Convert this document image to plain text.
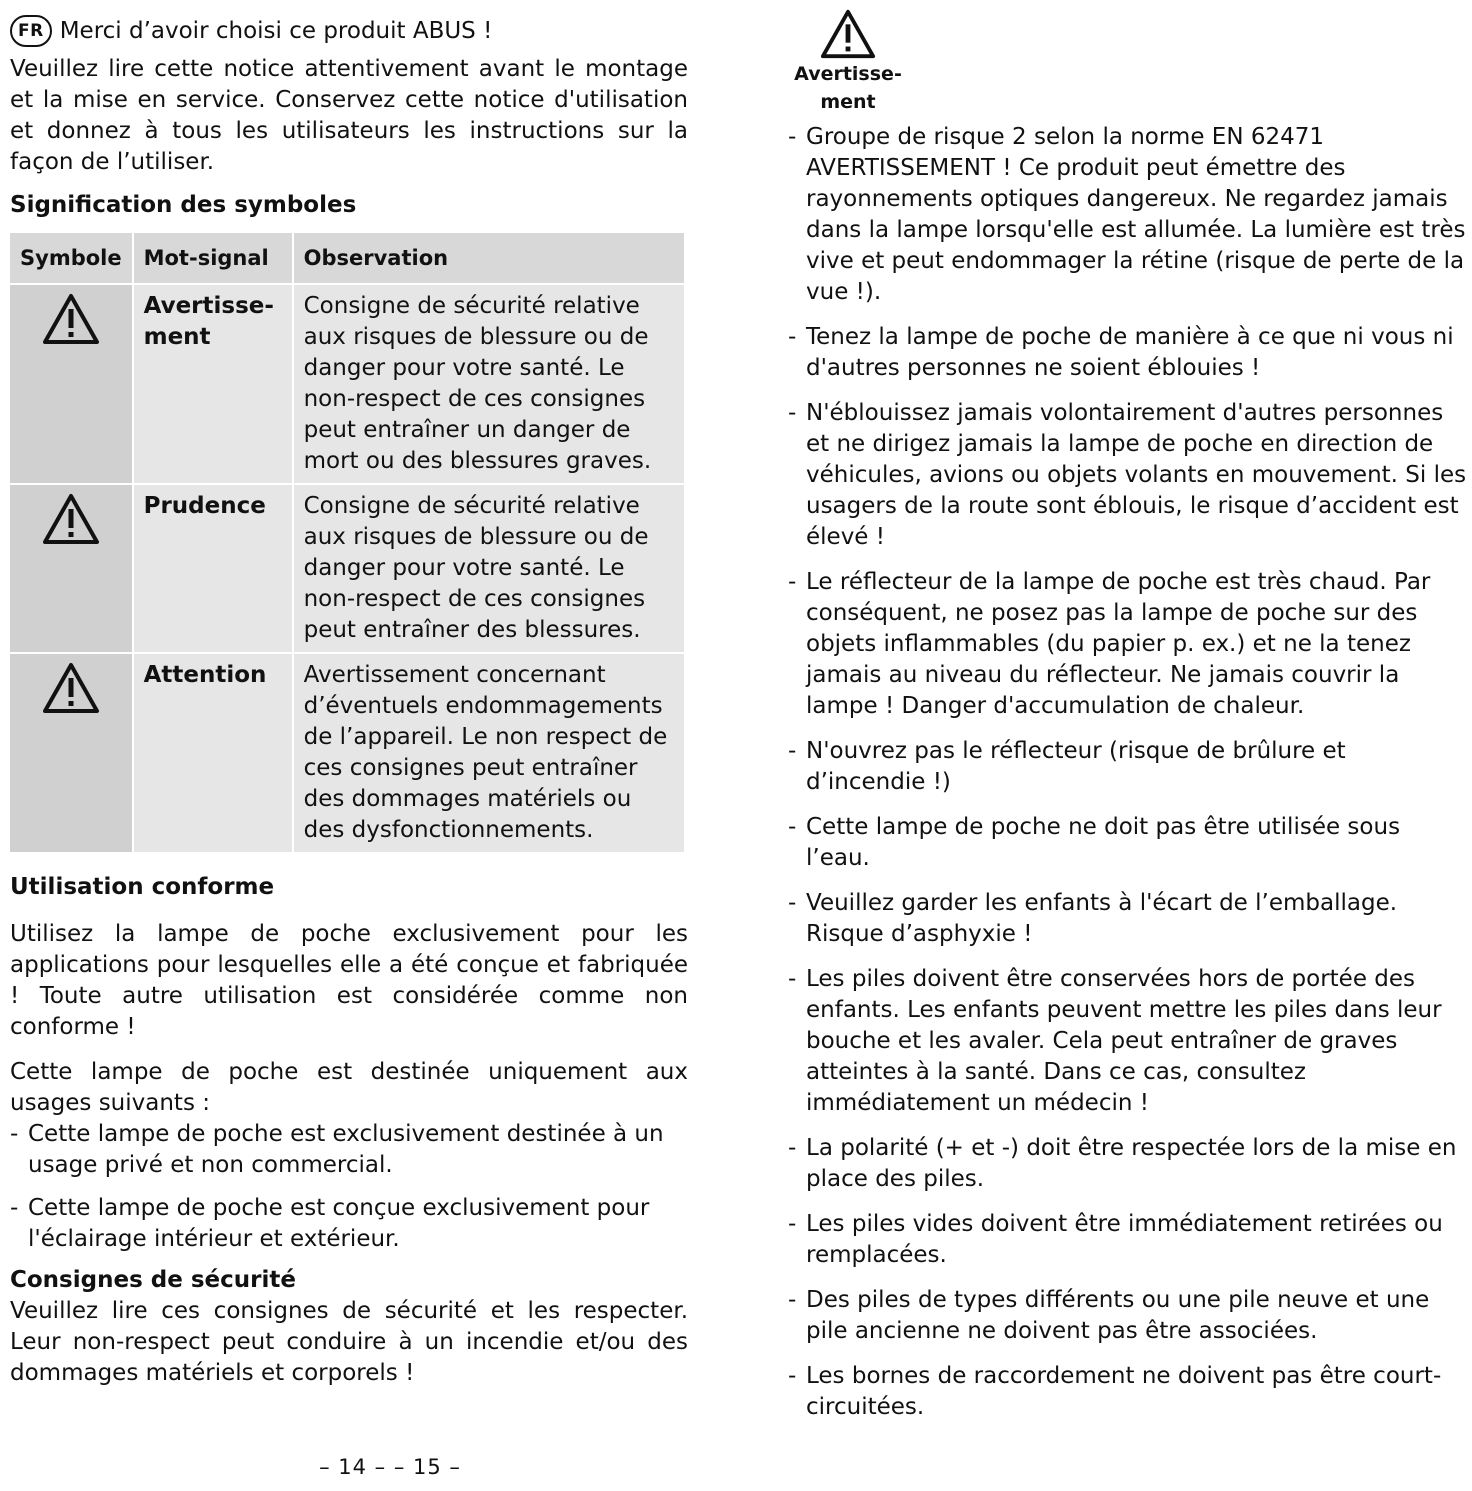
FR Merci d’avoir choisi ce produit ABUS !

Veuillez lire cette notice attentivement avant le montage et la mise en service. Conservez cette notice d'utilisation et donnez à tous les utilisateurs les instructions sur la façon de l’utiliser.

Signification des symboles
Symbole	Mot-signal	Observation

	Avertisse-
ment	Consigne de sécurité relative aux risques de blessure ou de danger pour votre santé. Le non-respect de ces consignes peut entraîner un danger de mort ou des blessures graves.

	Prudence	Consigne de sécurité relative aux risques de blessure ou de danger pour votre santé. Le non-respect de ces consignes peut entraîner des blessures.

	Attention	Avertissement concernant d’éventuels endommagements de l’appareil. Le non respect de ces consignes peut entraîner des dommages matériels ou des dysfonctionnements.
Utilisation conforme

Utilisez la lampe de poche exclusivement pour les applications pour lesquelles elle a été conçue et fabriquée ! Toute autre utilisation est considérée comme non conforme !

Cette lampe de poche est destinée uniquement aux usages suivants :

- Cette lampe de poche est exclusivement destinée à un usage privé et non commercial.
- Cette lampe de poche est conçue exclusivement pour l'éclairage intérieur et extérieur.
Consignes de sécurité

Veuillez lire ces consignes de sécurité et les respecter. Leur non-respect peut conduire à un incendie et/ou des dommages matériels et corporels !

Avertisse-
ment
- Groupe de risque 2 selon la norme EN 62471 AVERTISSEMENT ! Ce produit peut émettre des rayonnements optiques dangereux. Ne regardez jamais dans la lampe lorsqu'elle est allumée. La lumière est très vive et peut endommager la rétine (risque de perte de la vue !).
- Tenez la lampe de poche de manière à ce que ni vous ni d'autres personnes ne soient éblouies !
- N'éblouissez jamais volontairement d'autres personnes et ne dirigez jamais la lampe de poche en direction de véhicules, avions ou objets volants en mouvement. Si les usagers de la route sont éblouis, le risque d’accident est élevé !
- Le réflecteur de la lampe de poche est très chaud. Par conséquent, ne posez pas la lampe de poche sur des objets inflammables (du papier p. ex.) et ne la tenez jamais au niveau du réflecteur. Ne jamais couvrir la lampe ! Danger d'accumulation de chaleur.
- N'ouvrez pas le réflecteur (risque de brûlure et d’incendie !)
- Cette lampe de poche ne doit pas être utilisée sous l’eau.
- Veuillez garder les enfants à l'écart de l’emballage. Risque d’asphyxie !
- Les piles doivent être conservées hors de portée des enfants. Les enfants peuvent mettre les piles dans leur bouche et les avaler. Cela peut entraîner de graves atteintes à la santé. Dans ce cas, consultez immédiatement un médecin !
- La polarité (+ et -) doit être respectée lors de la mise en place des piles.
- Les piles vides doivent être immédiatement retirées ou remplacées.
- Des piles de types différents ou une pile neuve et une pile ancienne ne doivent pas être associées.
- Les bornes de raccordement ne doivent pas être court-circuitées.
– 14 – – 15 –
